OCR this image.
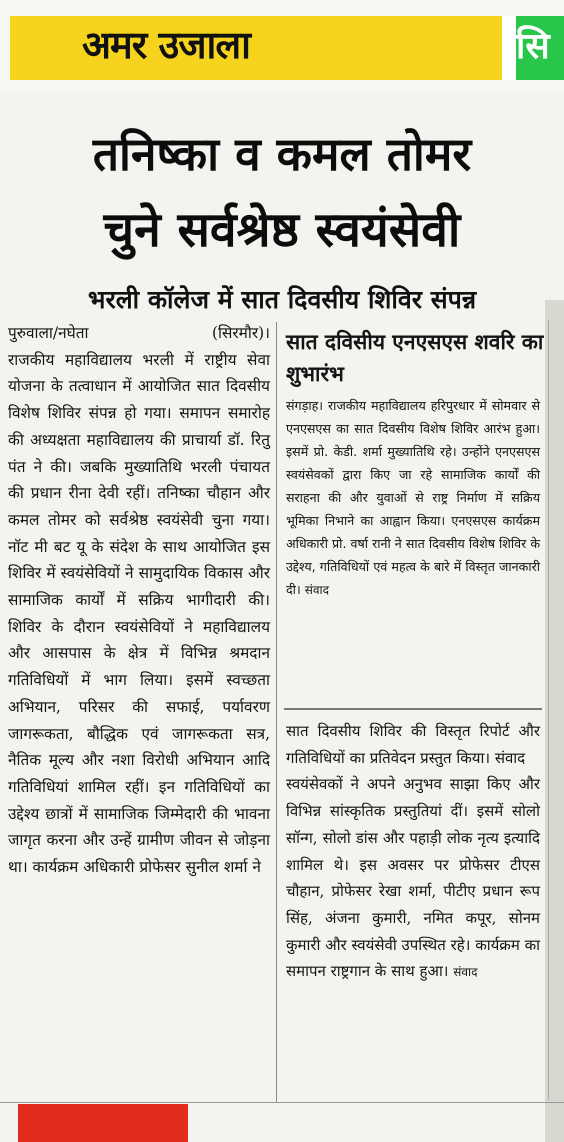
अमर उजाला	सि
तनिष्का व कमल तोमर
चुने सर्वश्रेष्ठ स्वयंसेवी
भरली कॉलेज में सात दिवसीय शिविर संपन्न
पुरुवाला/नघेता	(सिरमौर)।

राजकीय महाविद्यालय भरली में राष्ट्रीय सेवा योजना के तत्वाधान में आयोजित सात दिवसीय विशेष शिविर संपन्न हो गया। समापन समारोह की अध्यक्षता महाविद्यालय की प्राचार्या डॉ. रितु पंत ने की। जबकि मुख्यातिथि भरली पंचायत की प्रधान रीना देवी रहीं। तनिष्का चौहान और कमल तोमर को सर्वश्रेष्ठ स्वयंसेवी चुना गया। नॉट मी बट यू के संदेश के साथ आयोजित इस शिविर में स्वयंसेवियों ने सामुदायिक विकास और सामाजिक कार्यों में सक्रिय भागीदारी की। शिविर के दौरान स्वयंसेवियों ने महाविद्यालय और आसपास के क्षेत्र में विभिन्न श्रमदान गतिविधियों में भाग लिया। इसमें स्वच्छता अभियान, परिसर की सफाई, पर्यावरण जागरूकता, बौद्धिक एवं जागरूकता सत्र, नैतिक मूल्य और नशा विरोधी अभियान आदि गतिविधियां शामिल रहीं। इन गतिविधियों का उद्देश्य छात्रों में सामाजिक जिम्मेदारी की भावना जागृत करना और उन्हें ग्रामीण जीवन से जोड़ना था। कार्यक्रम अधिकारी प्रोफेसर सुनील शर्मा ने

सात दविसीय एनएसएस शवरि का शुभारंभ
संगड़ाह। राजकीय महाविद्यालय हरिपुरधार में सोमवार से एनएसएस का सात दिवसीय विशेष शिविर आरंभ हुआ। इसमें प्रो. केडी. शर्मा मुख्यातिथि रहे। उन्होंने एनएसएस स्वयंसेवकों द्वारा किए जा रहे सामाजिक कार्यों की सराहना की और युवाओं से राष्ट्र निर्माण में सक्रिय भूमिका निभाने का आह्वान किया। एनएसएस कार्यक्रम अधिकारी प्रो. वर्षा रानी ने सात दिवसीय विशेष शिविर के उद्देश्य, गतिविधियों एवं महत्व के बारे में विस्तृत जानकारी दी। संवाद

सात दिवसीय शिविर की विस्तृत रिपोर्ट और गतिविधियों का प्रतिवेदन प्रस्तुत किया। संवाद

स्वयंसेवकों ने अपने अनुभव साझा किए और विभिन्न सांस्कृतिक प्रस्तुतियां दीं। इसमें सोलो सॉन्ग, सोलो डांस और पहाड़ी लोक नृत्य इत्यादि शामिल थे। इस अवसर पर प्रोफेसर टीएस चौहान, प्रोफेसर रेखा शर्मा, पीटीए प्रधान रूप सिंह, अंजना कुमारी, नमित कपूर, सोनम कुमारी और स्वयंसेवी उपस्थित रहे। कार्यक्रम का समापन राष्ट्रगान के साथ हुआ। संवाद
